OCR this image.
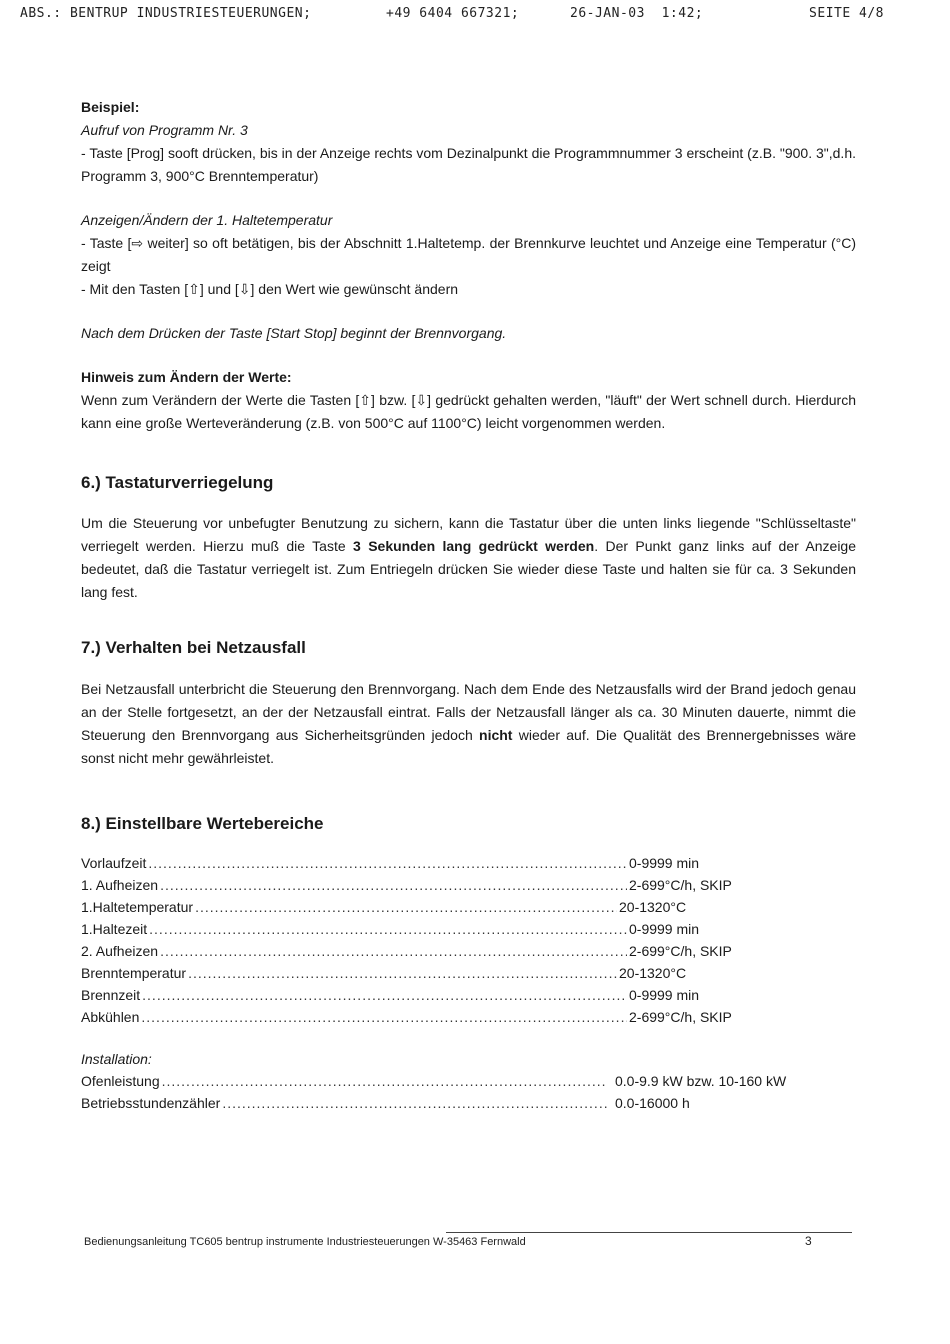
ABS.: BENTRUP INDUSTRIESTEUERUNGEN;	+49 6404 667321;	26-JAN-03  1:42;	SEITE 4/8

Beispiel:

Aufruf von Programm Nr. 3

- Taste [Prog] sooft drücken, bis in der Anzeige rechts vom Dezinalpunkt die Programmnummer 3 erscheint (z.B. "900. 3",d.h. Programm 3, 900°C Brenntemperatur)

Anzeigen/Ändern der 1. Haltetemperatur

- Taste [⇨ weiter] so oft betätigen, bis der Abschnitt 1.Haltetemp. der Brennkurve leuchtet und Anzeige eine Temperatur (°C) zeigt

- Mit den Tasten [⇧] und [⇩] den Wert wie gewünscht ändern

Nach dem Drücken der Taste [Start Stop] beginnt der Brennvorgang.

Hinweis zum Ändern der Werte:

Wenn zum Verändern der Werte die Tasten [⇧] bzw. [⇩] gedrückt gehalten werden, "läuft" der Wert schnell durch. Hierdurch kann eine große Werteveränderung (z.B. von 500°C auf 1100°C) leicht vorgenommen werden.

6.) Tastaturverriegelung

Um die Steuerung vor unbefugter Benutzung zu sichern, kann die Tastatur über die unten links liegende "Schlüsseltaste" verriegelt werden. Hierzu muß die Taste 3 Sekunden lang gedrückt werden. Der Punkt ganz links auf der Anzeige bedeutet, daß die Tastatur verriegelt ist. Zum Entriegeln drücken Sie wieder diese Taste und halten sie für ca. 3 Sekunden lang fest.

7.) Verhalten bei Netzausfall

Bei Netzausfall unterbricht die Steuerung den Brennvorgang. Nach dem Ende des Netzausfalls wird der Brand jedoch genau an der Stelle fortgesetzt, an der der Netzausfall eintrat. Falls der Netzausfall länger als ca. 30 Minuten dauerte, nimmt die Steuerung den Brennvorgang aus Sicherheitsgründen jedoch nicht wieder auf. Die Qualität des Brennergebnisses wäre sonst nicht mehr gewährleistet.

8.) Einstellbare Wertebereiche
Vorlaufzeit .....	0-9999 min
1. Aufheizen .....	2-699°C/h, SKIP
1.Haltetemperatur .....	20-1320°C
1.Haltezeit .....	0-9999 min
2. Aufheizen .....	2-699°C/h, SKIP
Brenntemperatur .....	20-1320°C
Brennzeit .....	0-9999 min
Abkühlen .....	2-699°C/h, SKIP
Installation:
Ofenleistung .....	0.0-9.9 kW bzw. 10-160 kW
Betriebsstundenzähler .....	0.0-16000 h
Bedienungsanleitung TC605 bentrup instrumente Industriesteuerungen W-35463 Fernwald	3
